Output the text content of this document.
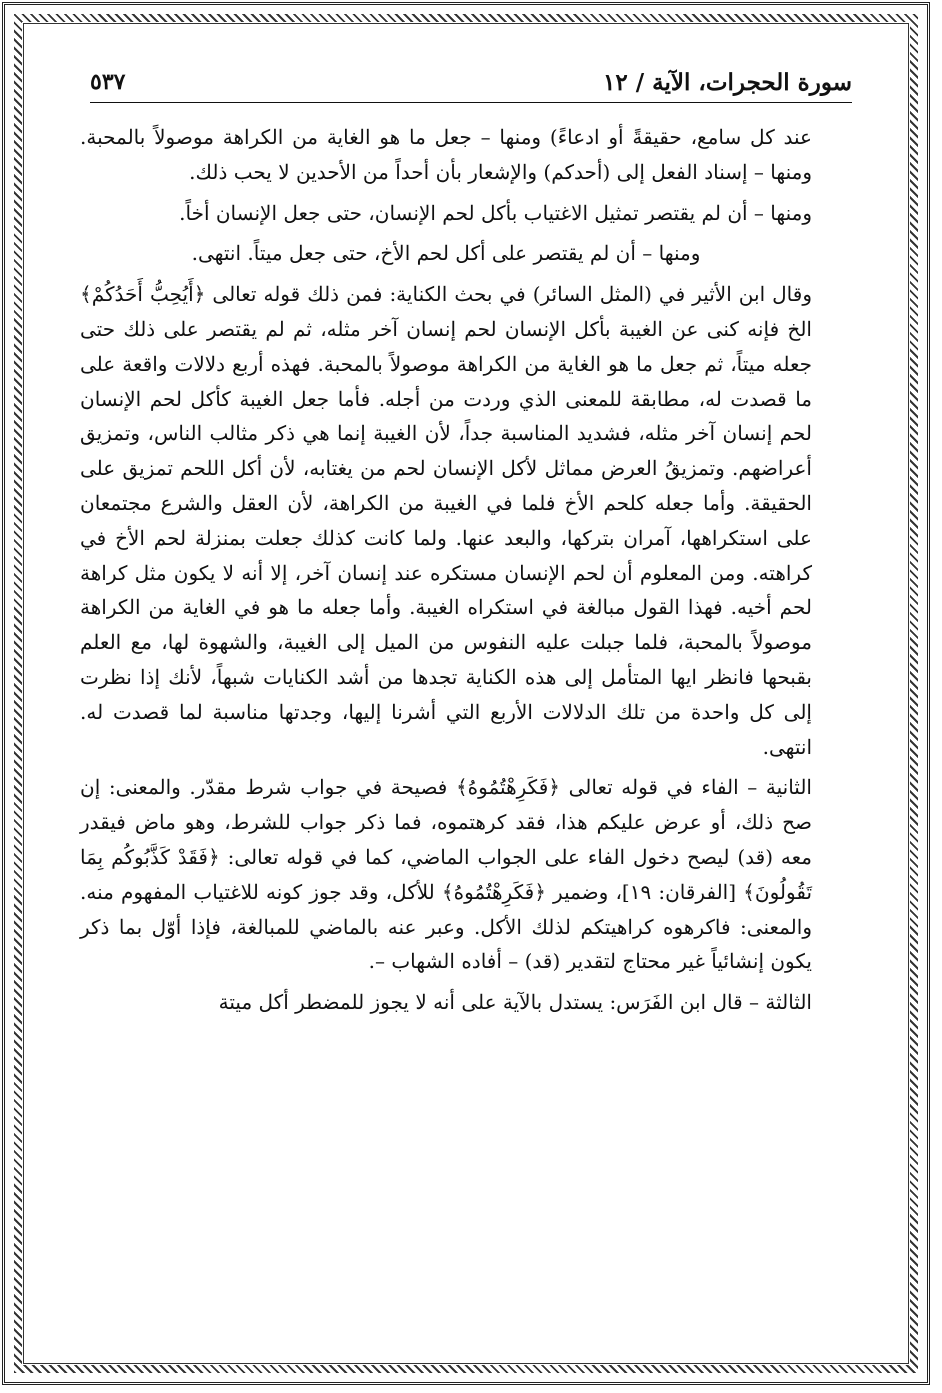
سورة الحجرات، الآية / ١٢
٥٣٧

عند كل سامع، حقيقةً أو ادعاءً) ومنها – جعل ما هو الغاية من الكراهة موصولاً بالمحبة. ومنها – إسناد الفعل إلى (أحدكم) والإشعار بأن أحداً من الأحدين لا يحب ذلك.

ومنها – أن لم يقتصر تمثيل الاغتياب بأكل لحم الإنسان، حتى جعل الإنسان أخاً.

ومنها – أن لم يقتصر على أكل لحم الأخ، حتى جعل ميتاً. انتهى.

وقال ابن الأثير في (المثل السائر) في بحث الكناية: فمن ذلك قوله تعالى ﴿أَيُحِبُّ أَحَدُكُمْ﴾ الخ فإنه كنى عن الغيبة بأكل الإنسان لحم إنسان آخر مثله، ثم لم يقتصر على ذلك حتى جعله ميتاً، ثم جعل ما هو الغاية من الكراهة موصولاً بالمحبة. فهذه أربع دلالات واقعة على ما قصدت له، مطابقة للمعنى الذي وردت من أجله. فأما جعل الغيبة كأكل لحم الإنسان لحم إنسان آخر مثله، فشديد المناسبة جداً، لأن الغيبة إنما هي ذكر مثالب الناس، وتمزيق أعراضهم. وتمزيقُ العرض مماثل لأكل الإنسان لحم من يغتابه، لأن أكل اللحم تمزيق على الحقيقة. وأما جعله كلحم الأخ فلما في الغيبة من الكراهة، لأن العقل والشرع مجتمعان على استكراهها، آمران بتركها، والبعد عنها. ولما كانت كذلك جعلت بمنزلة لحم الأخ في كراهته. ومن المعلوم أن لحم الإنسان مستكره عند إنسان آخر، إلا أنه لا يكون مثل كراهة لحم أخيه. فهذا القول مبالغة في استكراه الغيبة. وأما جعله ما هو في الغاية من الكراهة موصولاً بالمحبة، فلما جبلت عليه النفوس من الميل إلى الغيبة، والشهوة لها، مع العلم بقبحها فانظر ايها المتأمل إلى هذه الكناية تجدها من أشد الكنايات شبهاً، لأنك إذا نظرت إلى كل واحدة من تلك الدلالات الأربع التي أشرنا إليها، وجدتها مناسبة لما قصدت له. انتهى.

الثانية – الفاء في قوله تعالى ﴿فَكَرِهْتُمُوهُ﴾ فصيحة في جواب شرط مقدّر. والمعنى: إن صح ذلك، أو عرض عليكم هذا، فقد كرهتموه، فما ذكر جواب للشرط، وهو ماض فيقدر معه (قد) ليصح دخول الفاء على الجواب الماضي، كما في قوله تعالى: ﴿فَقَدْ كَذَّبُوكُم بِمَا تَقُولُونَ﴾ [الفرقان: ١٩]، وضمير ﴿فَكَرِهْتُمُوهُ﴾ للأكل، وقد جوز كونه للاغتياب المفهوم منه. والمعنى: فاكرهوه كراهيتكم لذلك الأكل. وعبر عنه بالماضي للمبالغة، فإذا أوّل بما ذكر يكون إنشائياً غير محتاج لتقدير (قد) – أفاده الشهاب –.

الثالثة – قال ابن الفَرَس: يستدل بالآية على أنه لا يجوز للمضطر أكل ميتة
